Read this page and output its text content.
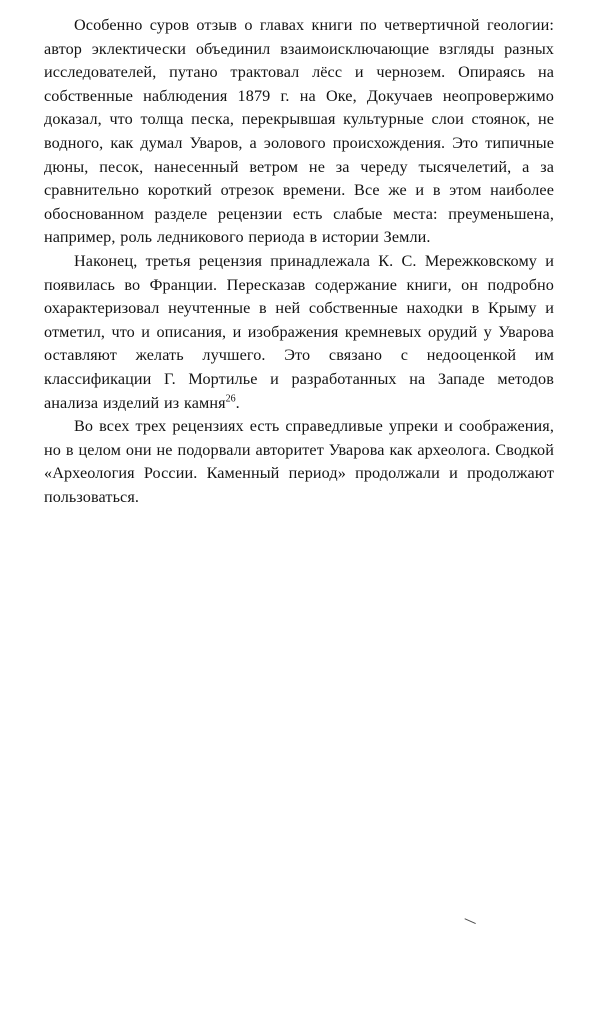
Особенно суров отзыв о главах книги по четвертичной геологии: автор эклектически объединил взаимоисключающие взгляды разных исследователей, путано трактовал лёсс и чернозем. Опираясь на собственные наблюдения 1879 г. на Оке, Докучаев неопровержимо доказал, что толща песка, перекрывшая культурные слои стоянок, не водного, как думал Уваров, а эолового происхождения. Это типичные дюны, песок, нанесенный ветром не за череду тысячелетий, а за сравнительно короткий отрезок времени. Все же и в этом наиболее обоснованном разделе рецензии есть слабые места: преуменьшена, например, роль ледникового периода в истории Земли.

Наконец, третья рецензия принадлежала К. С. Мережковскому и появилась во Франции. Пересказав содержание книги, он подробно охарактеризовал неучтенные в ней собственные находки в Крыму и отметил, что и описания, и изображения кремневых орудий у Уварова оставляют желать лучшего. Это связано с недооценкой им классификации Г. Мортилье и разработанных на Западе методов анализа изделий из камня$^{26}$.

Во всех трех рецензиях есть справедливые упреки и соображения, но в целом они не подорвали авторитет Уварова как археолога. Сводкой «Археология России. Каменный период» продолжали и продолжают пользоваться.
